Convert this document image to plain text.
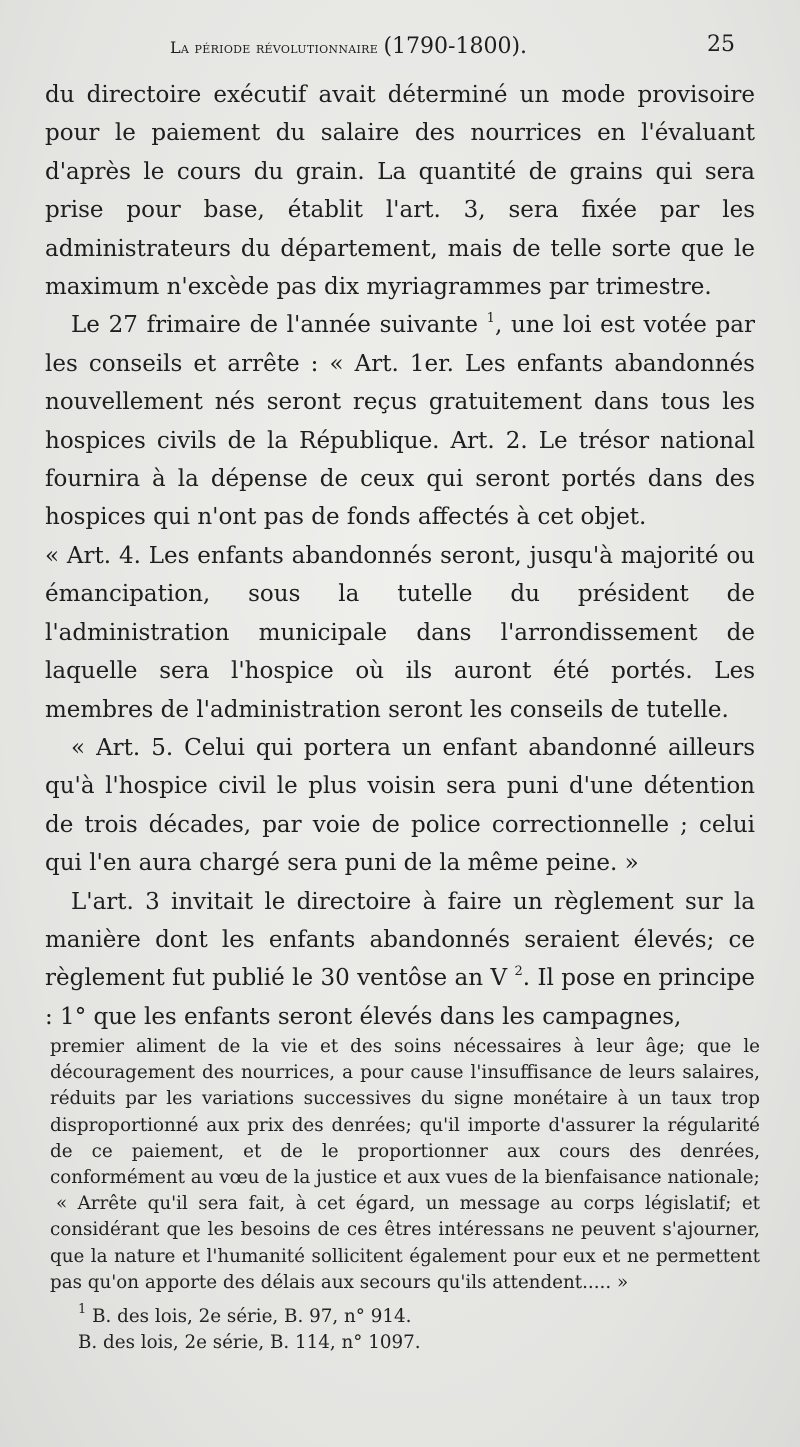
La période révolutionnaire (1790-1800).	25

du directoire exécutif avait déterminé un mode provisoire pour le paiement du salaire des nourrices en l'évaluant d'après le cours du grain. La quantité de grains qui sera prise pour base, établit l'art. 3, sera fixée par les administrateurs du département, mais de telle sorte que le maximum n'excède pas dix myriagrammes par trimestre.

Le 27 frimaire de l'année suivante $^1$, une loi est votée par les conseils et arrête : « Art. 1er. Les enfants abandonnés nouvellement nés seront reçus gratuitement dans tous les hospices civils de la République. Art. 2. Le trésor national fournira à la dépense de ceux qui seront portés dans des hospices qui n'ont pas de fonds affectés à cet objet.

« Art. 4. Les enfants abandonnés seront, jusqu'à majorité ou émancipation, sous la tutelle du président de l'administration municipale dans l'arrondissement de laquelle sera l'hospice où ils auront été portés. Les membres de l'administration seront les conseils de tutelle.

« Art. 5. Celui qui portera un enfant abandonné ailleurs qu'à l'hospice civil le plus voisin sera puni d'une détention de trois décades, par voie de police correctionnelle ; celui qui l'en aura chargé sera puni de la même peine. »

L'art. 3 invitait le directoire à faire un règlement sur la manière dont les enfants abandonnés seraient élevés; ce règlement fut publié le 30 ventôse an V $^2$. Il pose en principe : 1° que les enfants seront élevés dans les campagnes,

premier aliment de la vie et des soins nécessaires à leur âge; que le découragement des nourrices, a pour cause l'insuffisance de leurs salaires, réduits par les variations successives du signe monétaire à un taux trop disproportionné aux prix des denrées; qu'il importe d'assurer la régularité de ce paiement, et de le proportionner aux cours des denrées, conformément au vœu de la justice et aux vues de la bienfaisance nationale;

« Arrête qu'il sera fait, à cet égard, un message au corps législatif; et considérant que les besoins de ces êtres intéressans ne peuvent s'ajourner, que la nature et l'humanité sollicitent également pour eux et ne permettent pas qu'on apporte des délais aux secours qu'ils attendent..... »

$^1$ B. des lois, 2e série, B. 97, n° 914.

B. des lois, 2e série, B. 114, n° 1097.
